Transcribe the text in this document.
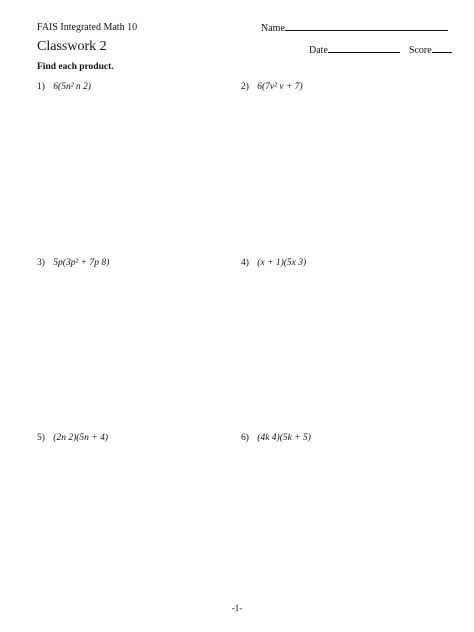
FAIS Integrated Math 10	Name
Classwork 2	Date	Score
Find each product.
1) 6(5n² n 2)	2) 6(7v² v + 7)
3) 5p(3p² + 7p 8)	4) (x + 1)(5x 3)
5) (2n 2)(5n + 4)	6) (4k 4)(5k + 5)
-1-
